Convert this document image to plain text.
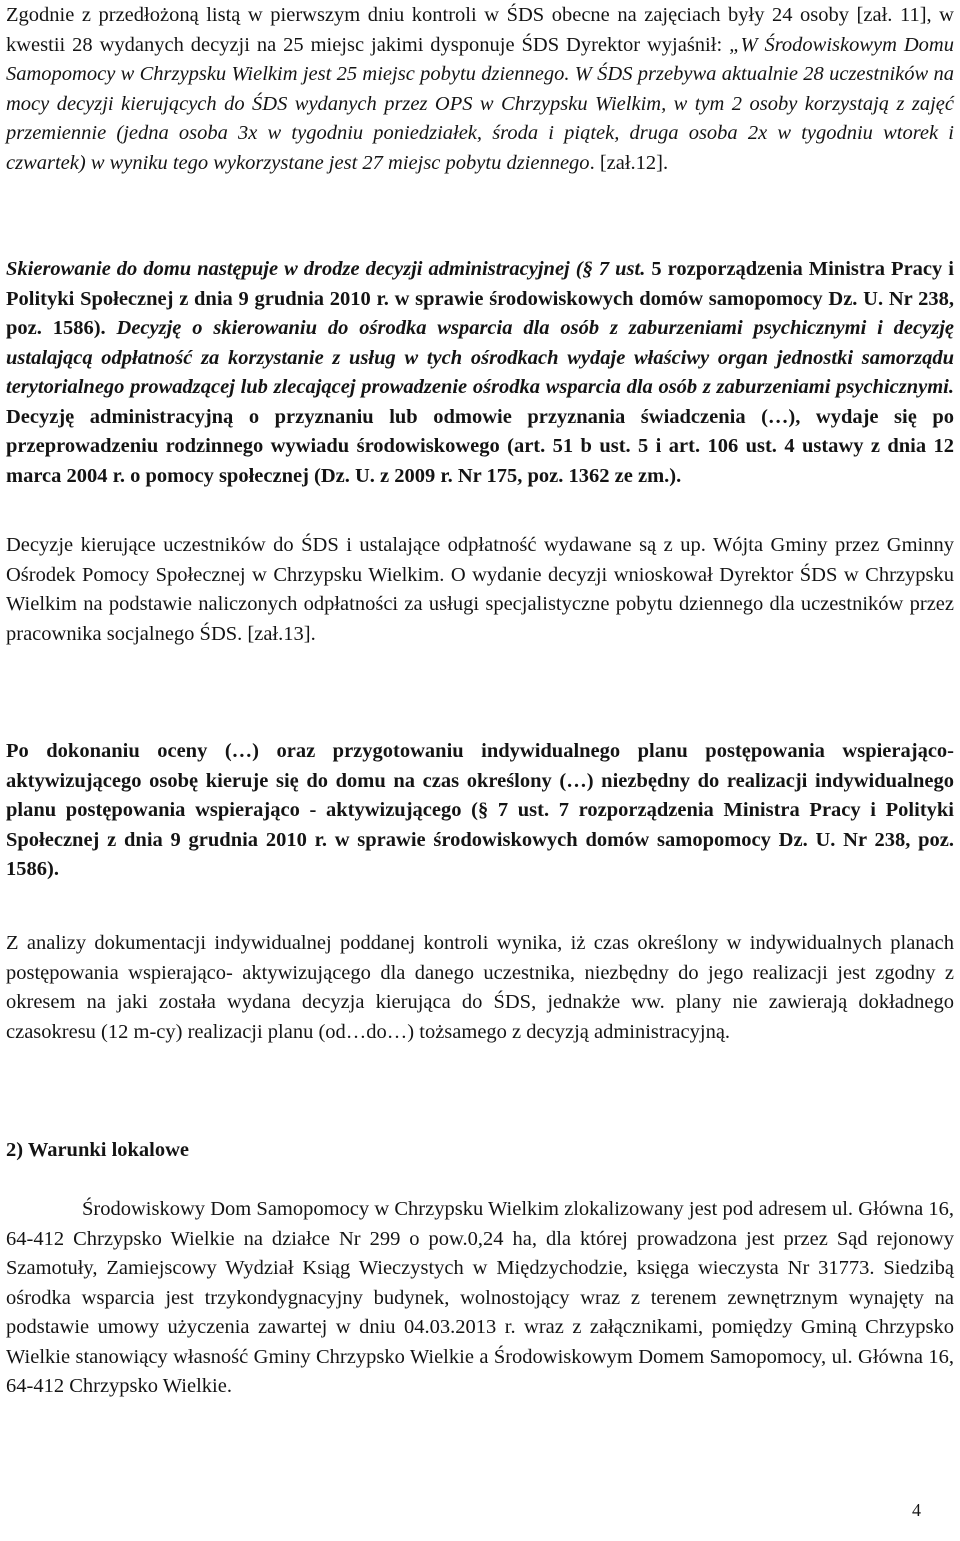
Zgodnie z przedłożoną listą w pierwszym dniu kontroli w ŚDS obecne na zajęciach były 24 osoby [zał. 11], w kwestii 28 wydanych decyzji na 25 miejsc jakimi dysponuje ŚDS Dyrektor wyjaśnił: „W Środowiskowym Domu Samopomocy w Chrzypsku Wielkim jest 25 miejsc pobytu dziennego. W ŚDS przebywa aktualnie 28 uczestników na mocy decyzji kierujących do ŚDS wydanych przez OPS w Chrzypsku Wielkim, w tym 2 osoby korzystają z zajęć przemiennie (jedna osoba 3x w tygodniu poniedziałek, środa i piątek, druga osoba 2x w tygodniu wtorek i czwartek) w wyniku tego wykorzystane jest 27 miejsc pobytu dziennego. [zał.12].

Skierowanie do domu następuje w drodze decyzji administracyjnej (§ 7 ust. 5 rozporządzenia Ministra Pracy i Polityki Społecznej z dnia 9 grudnia 2010 r. w sprawie środowiskowych domów samopomocy Dz. U. Nr 238, poz. 1586). Decyzję o skierowaniu do ośrodka wsparcia dla osób z zaburzeniami psychicznymi i decyzję ustalającą odpłatność za korzystanie z usług w tych ośrodkach wydaje właściwy organ jednostki samorządu terytorialnego prowadzącej lub zlecającej prowadzenie ośrodka wsparcia dla osób z zaburzeniami psychicznymi. Decyzję administracyjną o przyznaniu lub odmowie przyznania świadczenia (…), wydaje się po przeprowadzeniu rodzinnego wywiadu środowiskowego (art. 51 b ust. 5 i art. 106 ust. 4 ustawy z dnia 12 marca 2004 r. o pomocy społecznej (Dz. U. z 2009 r. Nr 175, poz. 1362 ze zm.).

Decyzje kierujące uczestników do ŚDS i ustalające odpłatność wydawane są z up. Wójta Gminy przez Gminny Ośrodek Pomocy Społecznej w Chrzypsku Wielkim. O wydanie decyzji wnioskował Dyrektor ŚDS w Chrzypsku Wielkim na podstawie naliczonych odpłatności za usługi specjalistyczne pobytu dziennego dla uczestników przez pracownika socjalnego ŚDS. [zał.13].

Po dokonaniu oceny (…) oraz przygotowaniu indywidualnego planu postępowania wspierająco-aktywizującego osobę kieruje się do domu na czas określony (…) niezbędny do realizacji indywidualnego planu postępowania wspierająco - aktywizującego (§ 7 ust. 7 rozporządzenia Ministra Pracy i Polityki Społecznej z dnia 9 grudnia 2010 r. w sprawie środowiskowych domów samopomocy Dz. U. Nr 238, poz. 1586).

Z analizy dokumentacji indywidualnej poddanej kontroli wynika, iż czas określony w indywidualnych planach postępowania wspierająco- aktywizującego dla danego uczestnika, niezbędny do jego realizacji jest zgodny z okresem na jaki została wydana decyzja kierująca do ŚDS, jednakże ww. plany nie zawierają dokładnego czasokresu (12 m-cy) realizacji planu (od…do…) tożsamego z decyzją administracyjną.

2) Warunki lokalowe

Środowiskowy Dom Samopomocy w Chrzypsku Wielkim zlokalizowany jest pod adresem ul. Główna 16, 64-412 Chrzypsko Wielkie na działce Nr 299 o pow.0,24 ha, dla której prowadzona jest przez Sąd rejonowy Szamotuły, Zamiejscowy Wydział Ksiąg Wieczystych w Międzychodzie, księga wieczysta Nr 31773. Siedzibą ośrodka wsparcia jest trzykondygnacyjny budynek, wolnostojący wraz z terenem zewnętrznym wynajęty na podstawie umowy użyczenia zawartej w dniu 04.03.2013 r. wraz z załącznikami, pomiędzy Gminą Chrzypsko Wielkie stanowiący własność Gminy Chrzypsko Wielkie a Środowiskowym Domem Samopomocy, ul. Główna 16, 64-412 Chrzypsko Wielkie.

4
